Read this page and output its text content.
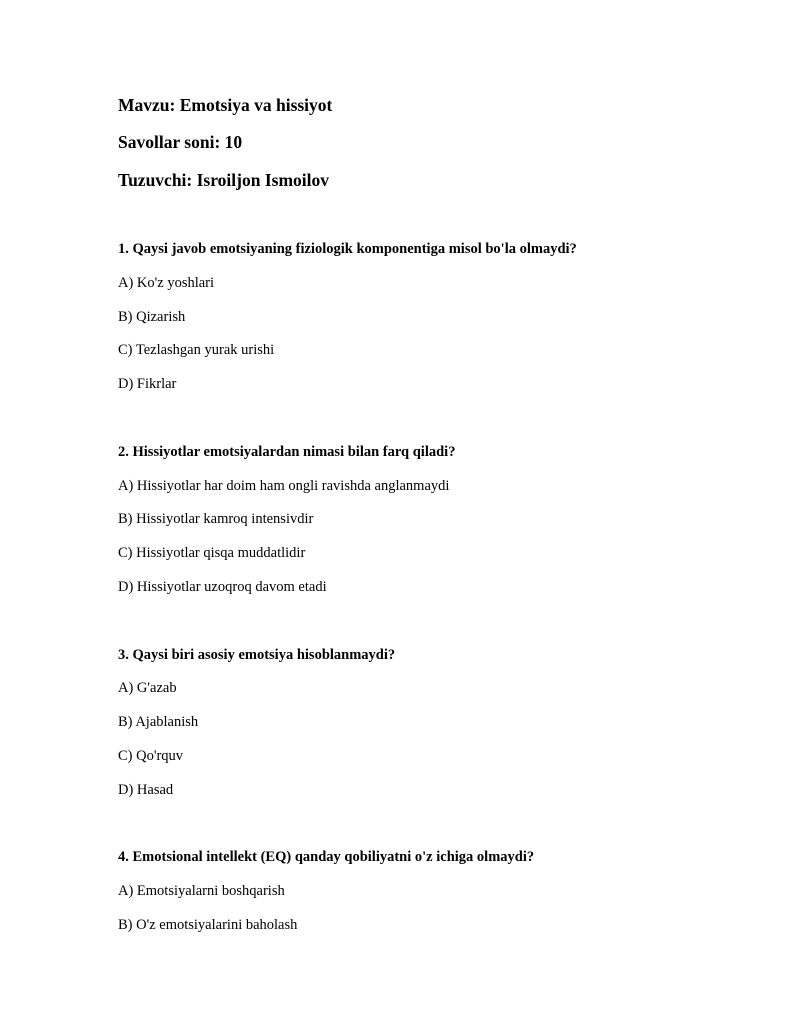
Mavzu: Emotsiya va hissiyot
Savollar soni: 10
Tuzuvchi: Isroiljon Ismoilov
1. Qaysi javob emotsiyaning fiziologik komponentiga misol bo'la olmaydi?
A) Ko'z yoshlari
B) Qizarish
C) Tezlashgan yurak urishi
D) Fikrlar
2. Hissiyotlar emotsiyalardan nimasi bilan farq qiladi?
A) Hissiyotlar har doim ham ongli ravishda anglanmaydi
B) Hissiyotlar kamroq intensivdir
C) Hissiyotlar qisqa muddatlidir
D) Hissiyotlar uzoqroq davom etadi
3. Qaysi biri asosiy emotsiya hisoblanmaydi?
A) G'azab
B) Ajablanish
C) Qo'rquv
D) Hasad
4. Emotsional intellekt (EQ) qanday qobiliyatni o'z ichiga olmaydi?
A) Emotsiyalarni boshqarish
B) O'z emotsiyalarini baholash
